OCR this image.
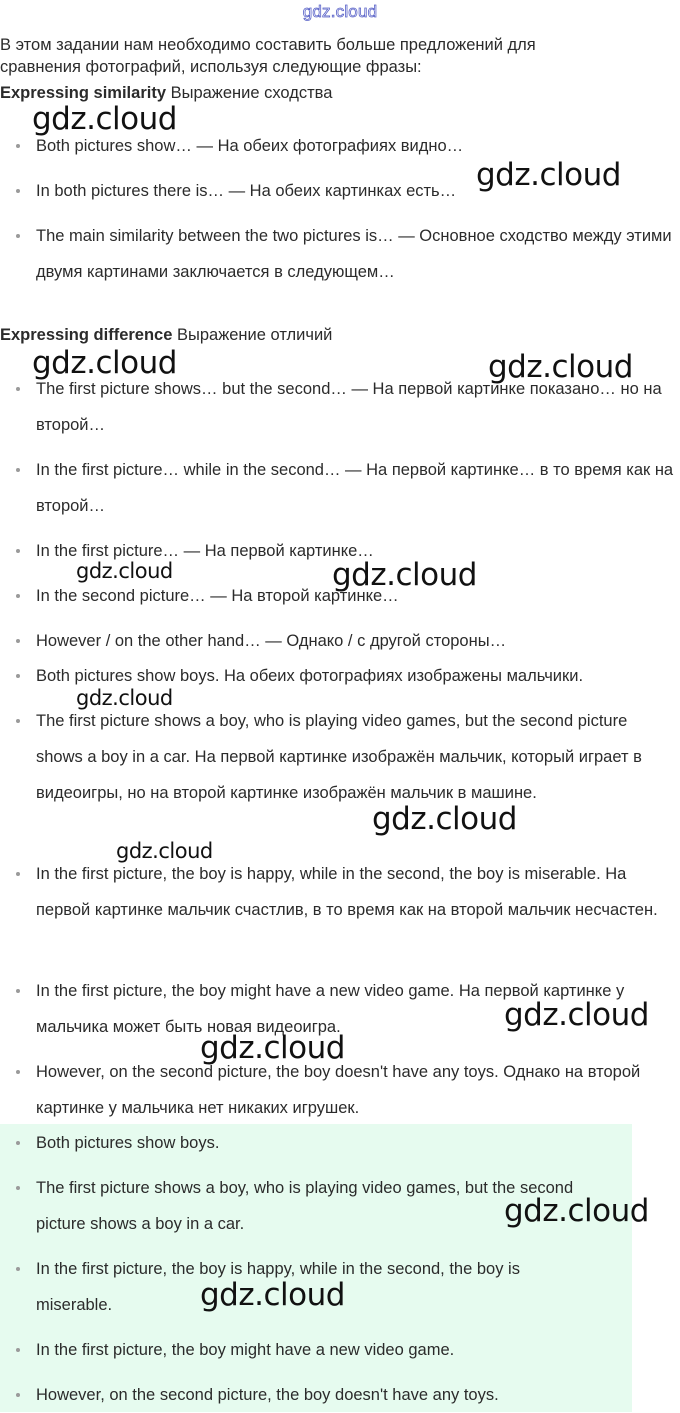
gdz.cloud
В этом задании нам необходимо составить больше предложений для
сравнения фотографий, используя следующие фразы:
Expressing similarity Выражение сходства
Both pictures show… — На обеих фотографиях видно…
In both pictures there is… — На обеих картинках есть…
The main similarity between the two pictures is… — Основное сходство между этими двумя картинами заключается в следующем…
Expressing difference Выражение отличий
The first picture shows… but the second… — На первой картинке показано… но на второй…
In the first picture… while in the second… — На первой картинке… в то время как на второй…
In the first picture… — На первой картинке…
In the second picture… — На второй картинке…
However / on the other hand… — Однако / с другой стороны…
Both pictures show boys. На обеих фотографиях изображены мальчики.
The first picture shows a boy, who is playing video games, but the second picture shows a boy in a car. На первой картинке изображён мальчик, который играет в видеоигры, но на второй картинке изображён мальчик в машине.
In the first picture, the boy is happy, while in the second, the boy is miserable. На первой картинке мальчик счастлив, в то время как на второй мальчик несчастен.
In the first picture, the boy might have a new video game. На первой картинке у мальчика может быть новая видеоигра.
However, on the second picture, the boy doesn't have any toys. Однако на второй картинке у мальчика нет никаких игрушек.
Both pictures show boys.
The first picture shows a boy, who is playing video games, but the second picture shows a boy in a car.
In the first picture, the boy is happy, while in the second, the boy is miserable.
In the first picture, the boy might have a new video game.
However, on the second picture, the boy doesn't have any toys.
gdz.cloud
gdz.cloud
gdz.cloud	gdz.cloud
gdz.cloud	gdz.cloud
gdz.cloud
gdz.cloud
gdz.cloud
gdz.cloud
gdz.cloud
gdz.cloud
gdz.cloud
